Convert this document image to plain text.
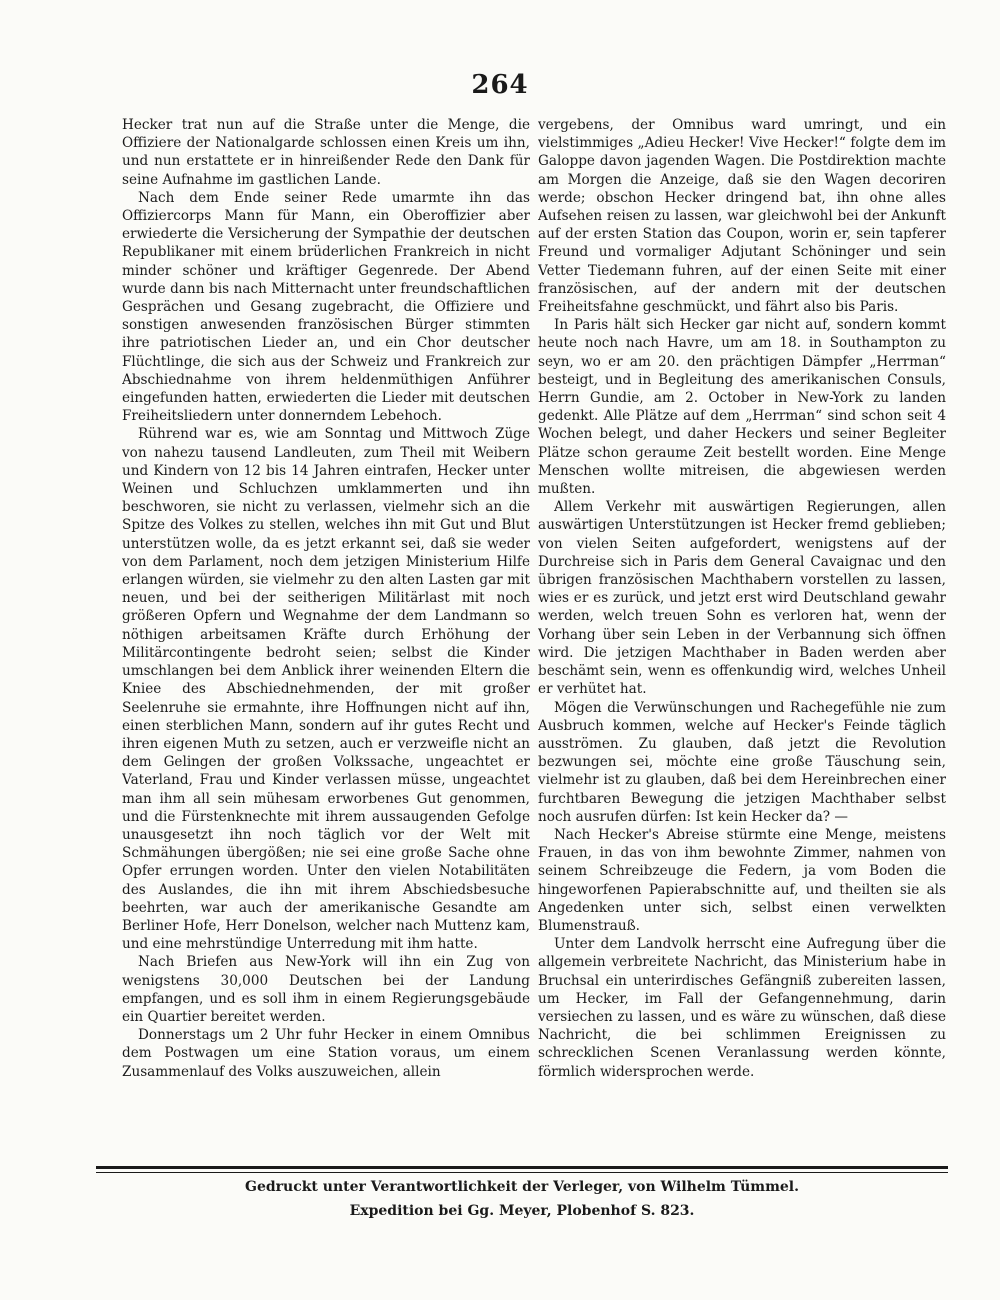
264

Hecker trat nun auf die Straße unter die Menge, die Offiziere der Nationalgarde schlossen einen Kreis um ihn, und nun erstattete er in hinreißender Rede den Dank für seine Aufnahme im gastlichen Lande.

Nach dem Ende seiner Rede umarmte ihn das Offiziercorps Mann für Mann, ein Oberoffizier aber erwiederte die Versicherung der Sympathie der deutschen Republikaner mit einem brüderlichen Frankreich in nicht minder schöner und kräftiger Gegenrede. Der Abend wurde dann bis nach Mitternacht unter freundschaftlichen Gesprächen und Gesang zugebracht, die Offiziere und sonstigen anwesenden französischen Bürger stimmten ihre patriotischen Lieder an, und ein Chor deutscher Flüchtlinge, die sich aus der Schweiz und Frankreich zur Abschiednahme von ihrem heldenmüthigen Anführer eingefunden hatten, erwiederten die Lieder mit deutschen Freiheitsliedern unter donnerndem Lebehoch.

Rührend war es, wie am Sonntag und Mittwoch Züge von nahezu tausend Landleuten, zum Theil mit Weibern und Kindern von 12 bis 14 Jahren eintrafen, Hecker unter Weinen und Schluchzen umklammerten und ihn beschworen, sie nicht zu verlassen, vielmehr sich an die Spitze des Volkes zu stellen, welches ihn mit Gut und Blut unterstützen wolle, da es jetzt erkannt sei, daß sie weder von dem Parlament, noch dem jetzigen Ministerium Hilfe erlangen würden, sie vielmehr zu den alten Lasten gar mit neuen, und bei der seitherigen Militärlast mit noch größeren Opfern und Wegnahme der dem Landmann so nöthigen arbeitsamen Kräfte durch Erhöhung der Militärcontingente bedroht seien; selbst die Kinder umschlangen bei dem Anblick ihrer weinenden Eltern die Kniee des Abschiednehmenden, der mit großer Seelenruhe sie ermahnte, ihre Hoffnungen nicht auf ihn, einen sterblichen Mann, sondern auf ihr gutes Recht und ihren eigenen Muth zu setzen, auch er verzweifle nicht an dem Gelingen der großen Volkssache, ungeachtet er Vaterland, Frau und Kinder verlassen müsse, ungeachtet man ihm all sein mühesam erworbenes Gut genommen, und die Fürstenknechte mit ihrem aussaugenden Gefolge unausgesetzt ihn noch täglich vor der Welt mit Schmähungen übergößen; nie sei eine große Sache ohne Opfer errungen worden. Unter den vielen Notabilitäten des Auslandes, die ihn mit ihrem Abschiedsbesuche beehrten, war auch der amerikanische Gesandte am Berliner Hofe, Herr Donelson, welcher nach Muttenz kam, und eine mehrstündige Unterredung mit ihm hatte.

Nach Briefen aus New-York will ihn ein Zug von wenigstens 30,000 Deutschen bei der Landung empfangen, und es soll ihm in einem Regierungsgebäude ein Quartier bereitet werden.

Donnerstags um 2 Uhr fuhr Hecker in einem Omnibus dem Postwagen um eine Station voraus, um einem Zusammenlauf des Volks auszuweichen, allein

vergebens, der Omnibus ward umringt, und ein vielstimmiges „Adieu Hecker! Vive Hecker!“ folgte dem im Galoppe davon jagenden Wagen. Die Postdirektion machte am Morgen die Anzeige, daß sie den Wagen decoriren werde; obschon Hecker dringend bat, ihn ohne alles Aufsehen reisen zu lassen, war gleichwohl bei der Ankunft auf der ersten Station das Coupon, worin er, sein tapferer Freund und vormaliger Adjutant Schöninger und sein Vetter Tiedemann fuhren, auf der einen Seite mit einer französischen, auf der andern mit der deutschen Freiheitsfahne geschmückt, und fährt also bis Paris.

In Paris hält sich Hecker gar nicht auf, sondern kommt heute noch nach Havre, um am 18. in Southampton zu seyn, wo er am 20. den prächtigen Dämpfer „Herrman“ besteigt, und in Begleitung des amerikanischen Consuls, Herrn Gundie, am 2. October in New-York zu landen gedenkt. Alle Plätze auf dem „Herrman“ sind schon seit 4 Wochen belegt, und daher Heckers und seiner Begleiter Plätze schon geraume Zeit bestellt worden. Eine Menge Menschen wollte mitreisen, die abgewiesen werden mußten.

Allem Verkehr mit auswärtigen Regierungen, allen auswärtigen Unterstützungen ist Hecker fremd geblieben; von vielen Seiten aufgefordert, wenigstens auf der Durchreise sich in Paris dem General Cavaignac und den übrigen französischen Machthabern vorstellen zu lassen, wies er es zurück, und jetzt erst wird Deutschland gewahr werden, welch treuen Sohn es verloren hat, wenn der Vorhang über sein Leben in der Verbannung sich öffnen wird. Die jetzigen Machthaber in Baden werden aber beschämt sein, wenn es offenkundig wird, welches Unheil er verhütet hat.

Mögen die Verwünschungen und Rachegefühle nie zum Ausbruch kommen, welche auf Hecker's Feinde täglich ausströmen. Zu glauben, daß jetzt die Revolution bezwungen sei, möchte eine große Täuschung sein, vielmehr ist zu glauben, daß bei dem Hereinbrechen einer furchtbaren Bewegung die jetzigen Machthaber selbst noch ausrufen dürfen: Ist kein Hecker da? —

Nach Hecker's Abreise stürmte eine Menge, meistens Frauen, in das von ihm bewohnte Zimmer, nahmen von seinem Schreibzeuge die Federn, ja vom Boden die hingeworfenen Papierabschnitte auf, und theilten sie als Angedenken unter sich, selbst einen verwelkten Blumenstrauß.

Unter dem Landvolk herrscht eine Aufregung über die allgemein verbreitete Nachricht, das Ministerium habe in Bruchsal ein unterirdisches Gefängniß zubereiten lassen, um Hecker, im Fall der Gefangennehmung, darin versiechen zu lassen, und es wäre zu wünschen, daß diese Nachricht, die bei schlimmen Ereignissen zu schrecklichen Scenen Veranlassung werden könnte, förmlich widersprochen werde.

Gedruckt unter Verantwortlichkeit der Verleger, von Wilhelm Tümmel.
Expedition bei Gg. Meyer, Plobenhof S. 823.
